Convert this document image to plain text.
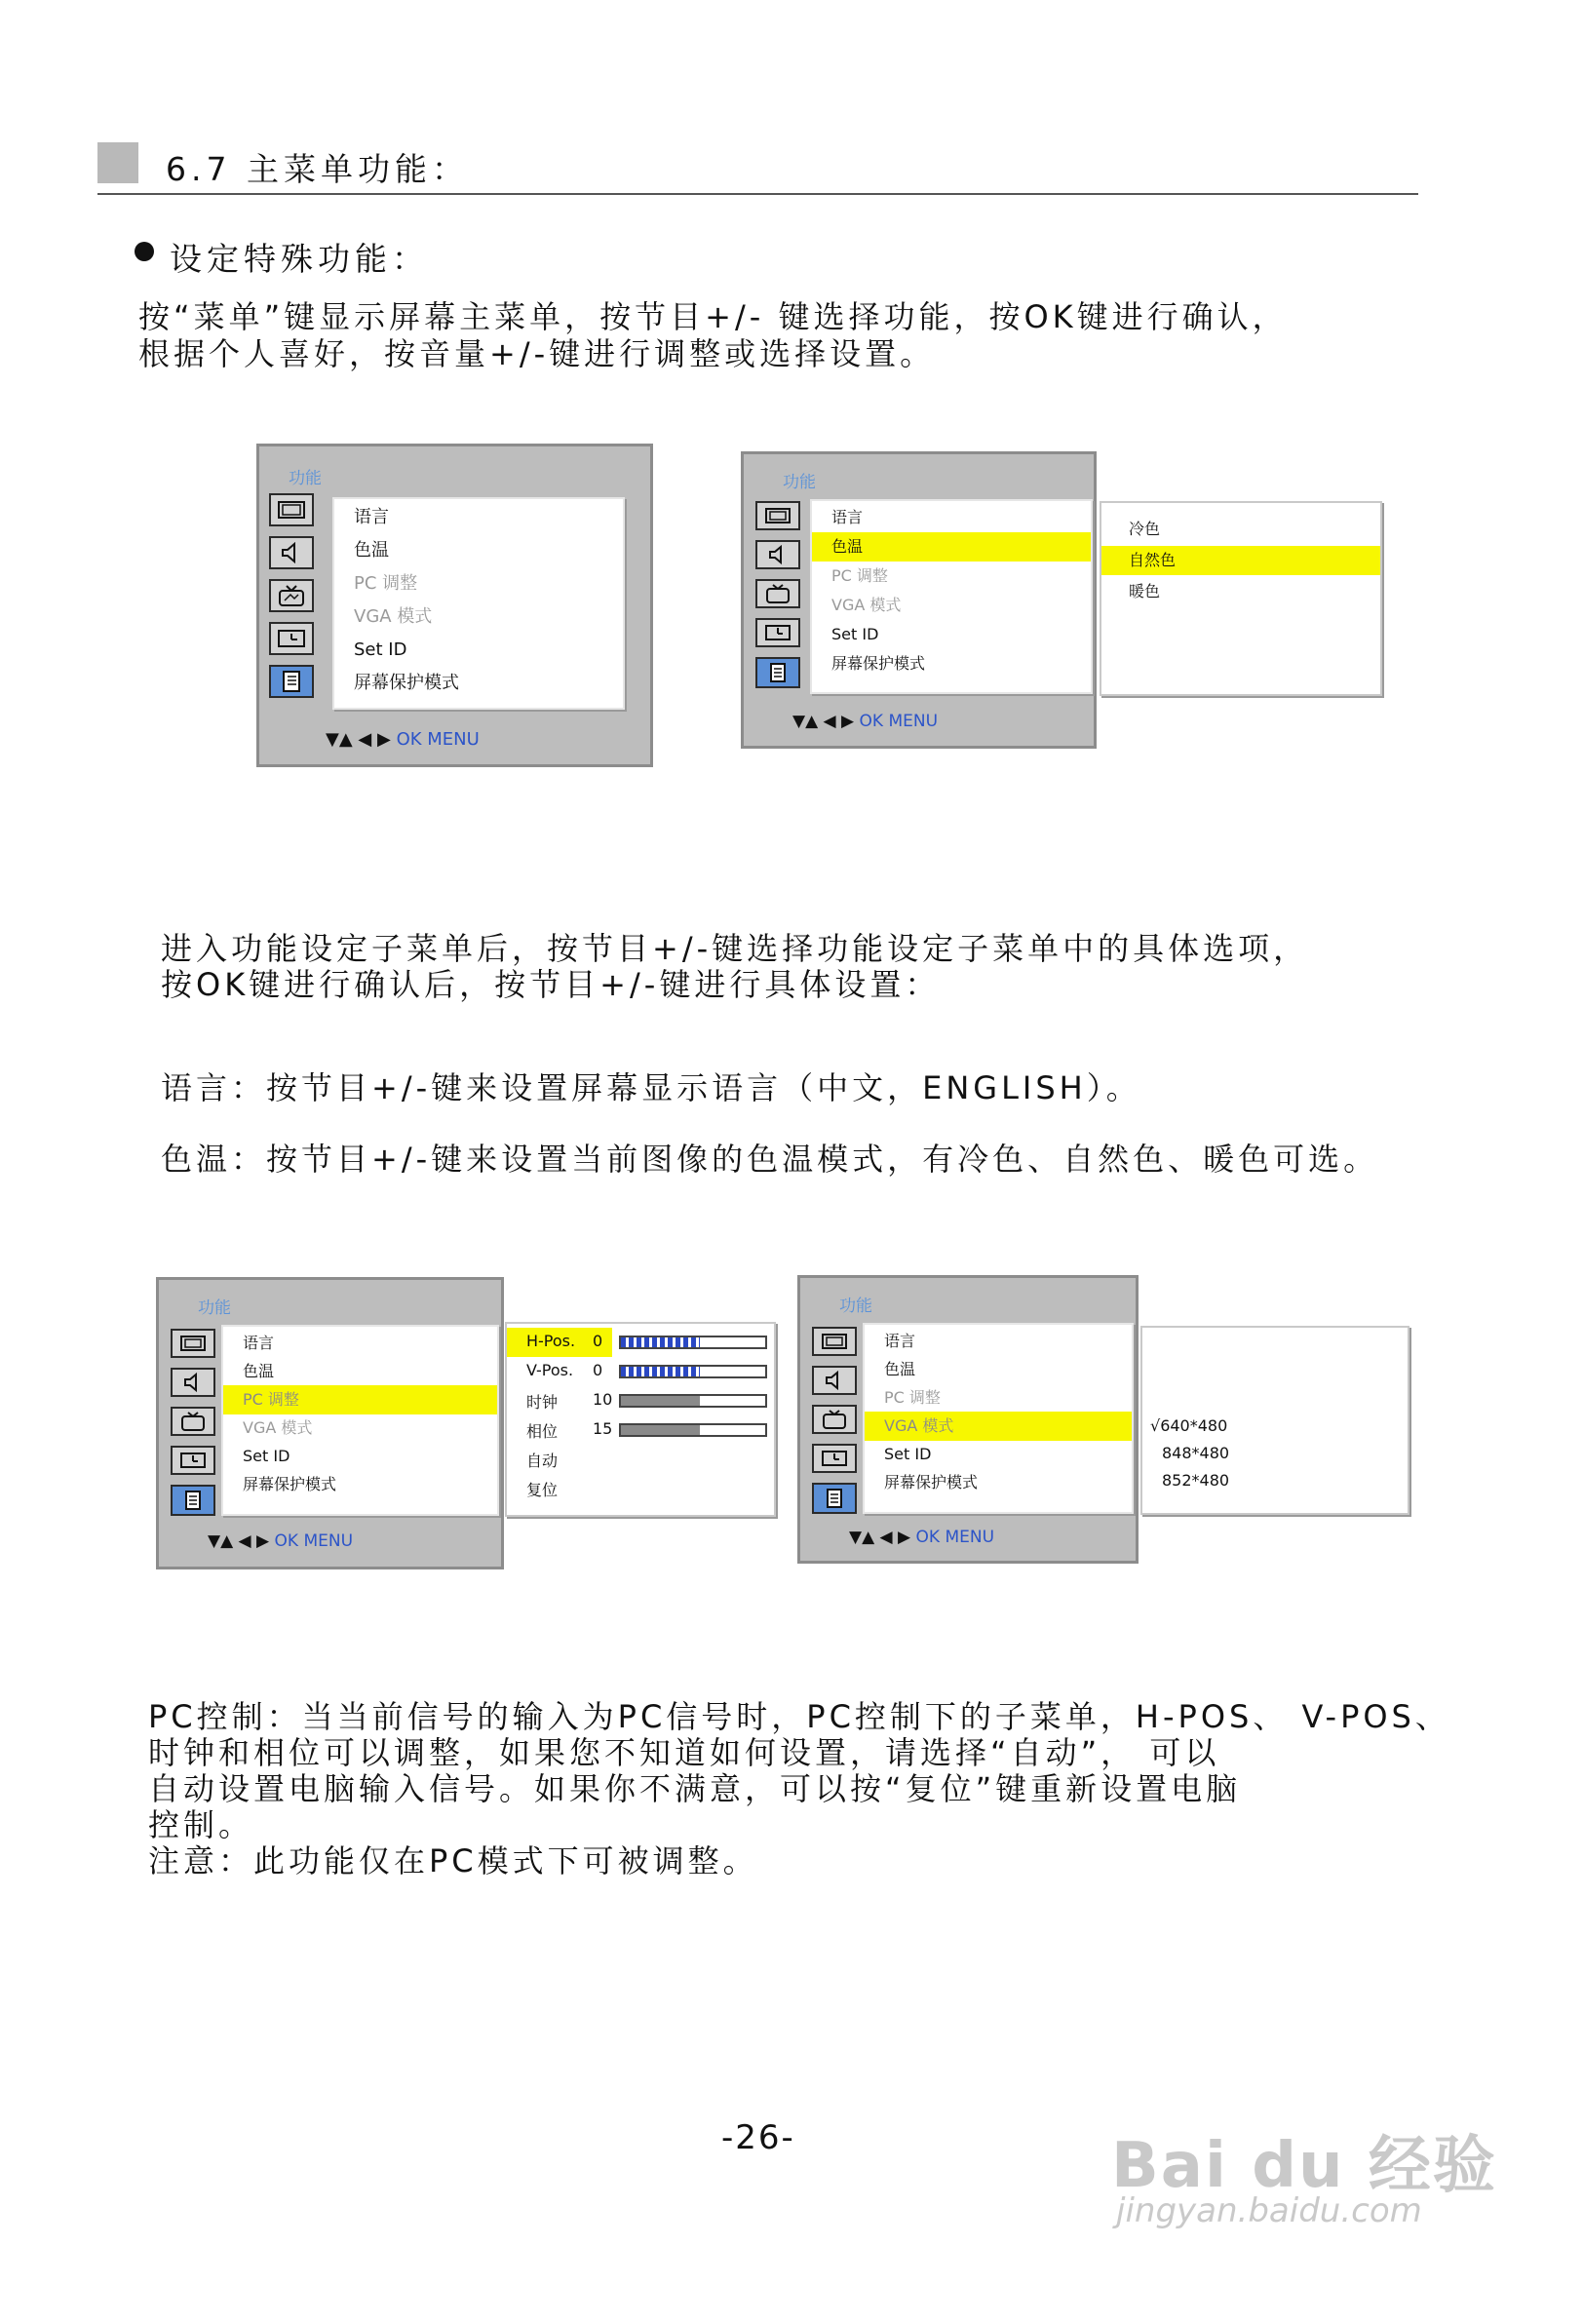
6.7 主菜单功能：
设定特殊功能：
按“菜单”键显示屏幕主菜单，按节目+/- 键选择功能，按OK键进行确认，
根据个人喜好，按音量+/-键进行调整或选择设置。
功能
语言
色温
PC 调整
VGA 模式
Set ID
屏幕保护模式
▼▲ ◀ ▶ OK MENU
功能
语言
色温
PC 调整
VGA 模式
Set ID
屏幕保护模式
▼▲ ◀ ▶ OK MENU
冷色
自然色
暖色
进入功能设定子菜单后，按节目+/-键选择功能设定子菜单中的具体选项，
按OK键进行确认后，按节目+/-键进行具体设置：
语言：按节目+/-键来设置屏幕显示语言（中文，ENGLISH）。
色温：按节目+/-键来设置当前图像的色温模式，有冷色、自然色、暖色可选。
功能
语言
色温
PC 调整
VGA 模式
Set ID
屏幕保护模式
▼▲ ◀ ▶ OK MENU
H-Pos. 0
V-Pos. 0
时钟 10
相位 15
自动
复位
功能
语言
色温
PC 调整
VGA 模式
Set ID
屏幕保护模式
▼▲ ◀ ▶ OK MENU
√640*480
848*480
852*480
PC控制：当当前信号的输入为PC信号时，PC控制下的子菜单，H-POS、 V-POS、
时钟和相位可以调整，如果您不知道如何设置，请选择“自动”， 可以
自动设置电脑输入信号。如果你不满意，可以按“复位”键重新设置电脑
控制。
注意：此功能仅在PC模式下可被调整。
-26-	Bai du 经验
jingyan.baidu.com
